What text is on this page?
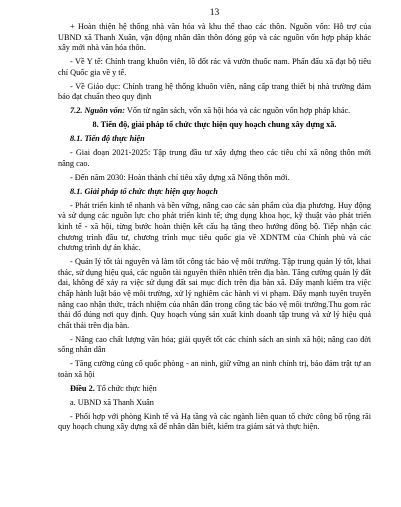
13

+ Hoàn thiện hệ thống nhà văn hóa và khu thể thao các thôn. Nguồn vốn: Hỗ trợ của UBND xã Thanh Xuân, vận động nhân dân thôn đóng góp và các nguồn vốn hợp pháp khác xây mới nhà văn hóa thôn.

- Về Y tế: Chỉnh trang khuôn viên, lồ đốt rác và vườn thuốc nam. Phấn đấu xã đạt bộ tiêu chí Quốc gia về y tế.

- Về Giáo dục: Chỉnh trang hệ thống khuôn viên, nâng cấp trang thiết bị nhà trường đảm bảo đạt chuẩn theo quy định

7.2. Nguồn vốn: Vốn từ ngân sách, vốn xã hội hóa và các nguồn vốn hợp pháp khác.

8. Tiến độ, giải pháp tổ chức thực hiện quy hoạch chung xây dựng xã.

8.1. Tiến độ thực hiện

- Giai đoạn 2021-2025: Tập trung đầu tư xây dựng theo các tiêu chí xã nông thôn mới nâng cao.

- Đến năm 2030: Hoàn thành chỉ tiêu xây dựng xã Nông thôn mới.

8.1. Giải pháp tổ chức thực hiện quy hoạch

- Phát triển kinh tế nhanh và bền vững, nâng cao các sản phẩm của địa phương. Huy động và sử dụng các nguồn lực cho phát triển kinh tế; ứng dụng khoa học, kỹ thuật vào phát triển kinh tế - xã hội, từng bước hoàn thiện kết cấu hạ tầng theo hướng đồng bộ. Tiếp nhận các chương trình đầu tư, chương trình mục tiêu quốc gia về XDNTM của Chính phủ và các chương trình dự án khác.

- Quản lý tốt tài nguyên và làm tốt công tác bảo vệ môi trường. Tập trung quản lý tốt, khai thác, sử dụng hiệu quả, các nguồn tài nguyên thiên nhiên trên địa bàn. Tăng cường quản lý đất đai, không để xảy ra việc sử dụng đất sai mục đích trên địa bàn xã. Đẩy mạnh kiểm tra việc chấp hành luật bảo vệ môi trường, xử lý nghiêm các hành vi vi phạm. Đẩy mạnh tuyên truyền nâng cao nhận thức, trách nhiệm của nhân dân trong công tác bảo vệ môi trường.Thu gom rác thải đổ đúng nơi quy định. Quy hoạch vùng sản xuất kinh doanh tập trung và xử lý hiệu quả chất thải trên địa bàn.

- Nâng cao chất lượng văn hóa; giải quyết tốt các chính sách an sinh xã hội; nâng cao đời sống nhân dân

- Tăng cường củng cố quốc phòng - an ninh, giữ vững an ninh chính trị, bảo đảm trật tự an toàn xã hội

Điều 2. Tổ chức thực hiện

a. UBND xã Thanh Xuân

- Phối hợp với phòng Kinh tế và Hạ tầng và các ngành liên quan tổ chức công bố rộng rãi quy hoạch chung xây dựng xã để nhân dân biết, kiểm tra giám sát và thực hiện.
